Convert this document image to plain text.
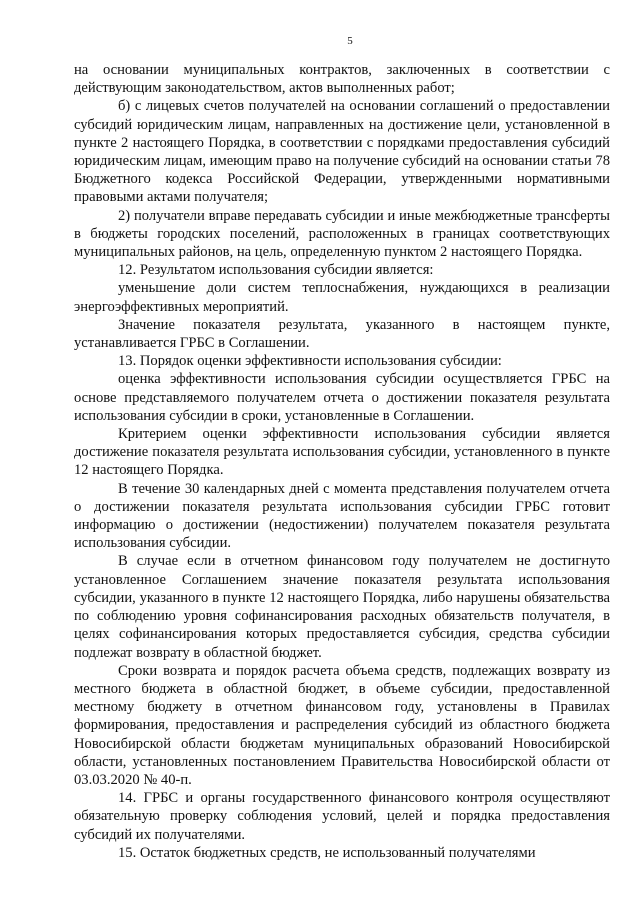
5

на основании муниципальных контрактов, заключенных в соответствии с действующим законодательством, актов выполненных работ;

б) с лицевых счетов получателей на основании соглашений о предоставлении субсидий юридическим лицам, направленных на достижение цели, установленной в пункте 2 настоящего Порядка, в соответствии с порядками предоставления субсидий юридическим лицам, имеющим право на получение субсидий на основании статьи 78 Бюджетного кодекса Российской Федерации, утвержденными нормативными правовыми актами получателя;

2) получатели вправе передавать субсидии и иные межбюджетные трансферты в бюджеты городских поселений, расположенных в границах соответствующих муниципальных районов, на цель, определенную пунктом 2 настоящего Порядка.

12. Результатом использования субсидии является:

уменьшение доли систем теплоснабжения, нуждающихся в реализации энергоэффективных мероприятий.

Значение показателя результата, указанного в настоящем пункте, устанавливается ГРБС в Соглашении.

13. Порядок оценки эффективности использования субсидии:

оценка эффективности использования субсидии осуществляется ГРБС на основе представляемого получателем отчета о достижении показателя результата использования субсидии в сроки, установленные в Соглашении.

Критерием оценки эффективности использования субсидии является достижение показателя результата использования субсидии, установленного в пункте 12 настоящего Порядка.

В течение 30 календарных дней с момента представления получателем отчета о достижении показателя результата использования субсидии ГРБС готовит информацию о достижении (недостижении) получателем показателя результата использования субсидии.

В случае если в отчетном финансовом году получателем не достигнуто установленное Соглашением значение показателя результата использования субсидии, указанного в пункте 12 настоящего Порядка, либо нарушены обязательства по соблюдению уровня софинансирования расходных обязательств получателя, в целях софинансирования которых предоставляется субсидия, средства субсидии подлежат возврату в областной бюджет.

Сроки возврата и порядок расчета объема средств, подлежащих возврату из местного бюджета в областной бюджет, в объеме субсидии, предоставленной местному бюджету в отчетном финансовом году, установлены в Правилах формирования, предоставления и распределения субсидий из областного бюджета Новосибирской области бюджетам муниципальных образований Новосибирской области, установленных постановлением Правительства Новосибирской области от 03.03.2020 № 40-п.

14. ГРБС и органы государственного финансового контроля осуществляют обязательную проверку соблюдения условий, целей и порядка предоставления субсидий их получателями.

15. Остаток бюджетных средств, не использованный получателями
